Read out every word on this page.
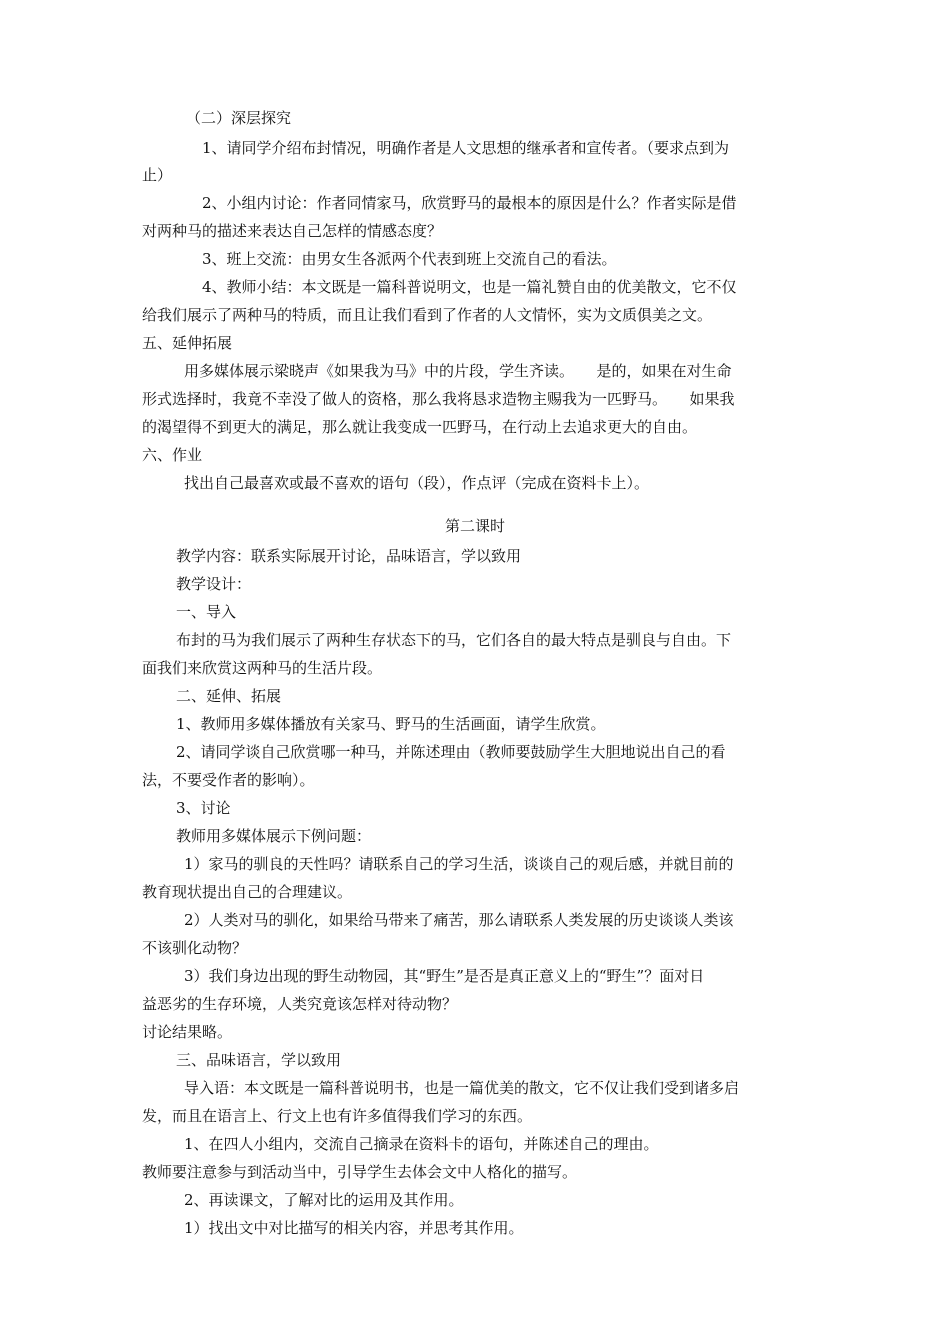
（二）深层探究
1、请同学介绍布封情况，明确作者是人文思想的继承者和宣传者。（要求点到为
止）
2、小组内讨论：作者同情家马，欣赏野马的最根本的原因是什么？作者实际是借
对两种马的描述来表达自己怎样的情感态度？
3、班上交流：由男女生各派两个代表到班上交流自己的看法。
4、教师小结：本文既是一篇科普说明文，也是一篇礼赞自由的优美散文，它不仅
给我们展示了两种马的特质，而且让我们看到了作者的人文情怀，实为文质俱美之文。
五、延伸拓展
用多媒体展示梁晓声《如果我为马》中的片段，学生齐读。　　是的，如果在对生命
形式选择时，我竟不幸没了做人的资格，那么我将恳求造物主赐我为一匹野马。　　如果我
的渴望得不到更大的满足，那么就让我变成一匹野马，在行动上去追求更大的自由。
六、作业
找出自己最喜欢或最不喜欢的语句（段），作点评（完成在资料卡上）。
第二课时
教学内容：联系实际展开讨论，品味语言，学以致用
教学设计：
一、导入
布封的马为我们展示了两种生存状态下的马，它们各自的最大特点是驯良与自由。下
面我们来欣赏这两种马的生活片段。
二、延伸、拓展
1、教师用多媒体播放有关家马、野马的生活画面，请学生欣赏。
2、请同学谈自己欣赏哪一种马，并陈述理由（教师要鼓励学生大胆地说出自己的看
法，不要受作者的影响）。
3、讨论
教师用多媒体展示下例问题：
1）家马的驯良的天性吗？请联系自己的学习生活，谈谈自己的观后感，并就目前的
教育现状提出自己的合理建议。
2）人类对马的驯化，如果给马带来了痛苦，那么请联系人类发展的历史谈谈人类该
不该驯化动物？
3）我们身边出现的野生动物园，其“野生”是否是真正意义上的“野生”？面对日
益恶劣的生存环境，人类究竟该怎样对待动物？
讨论结果略。
三、品味语言，学以致用
导入语：本文既是一篇科普说明书，也是一篇优美的散文，它不仅让我们受到诸多启
发，而且在语言上、行文上也有许多值得我们学习的东西。
1、在四人小组内，交流自己摘录在资料卡的语句，并陈述自己的理由。
教师要注意参与到活动当中，引导学生去体会文中人格化的描写。
2、再读课文，了解对比的运用及其作用。
1）找出文中对比描写的相关内容，并思考其作用。
